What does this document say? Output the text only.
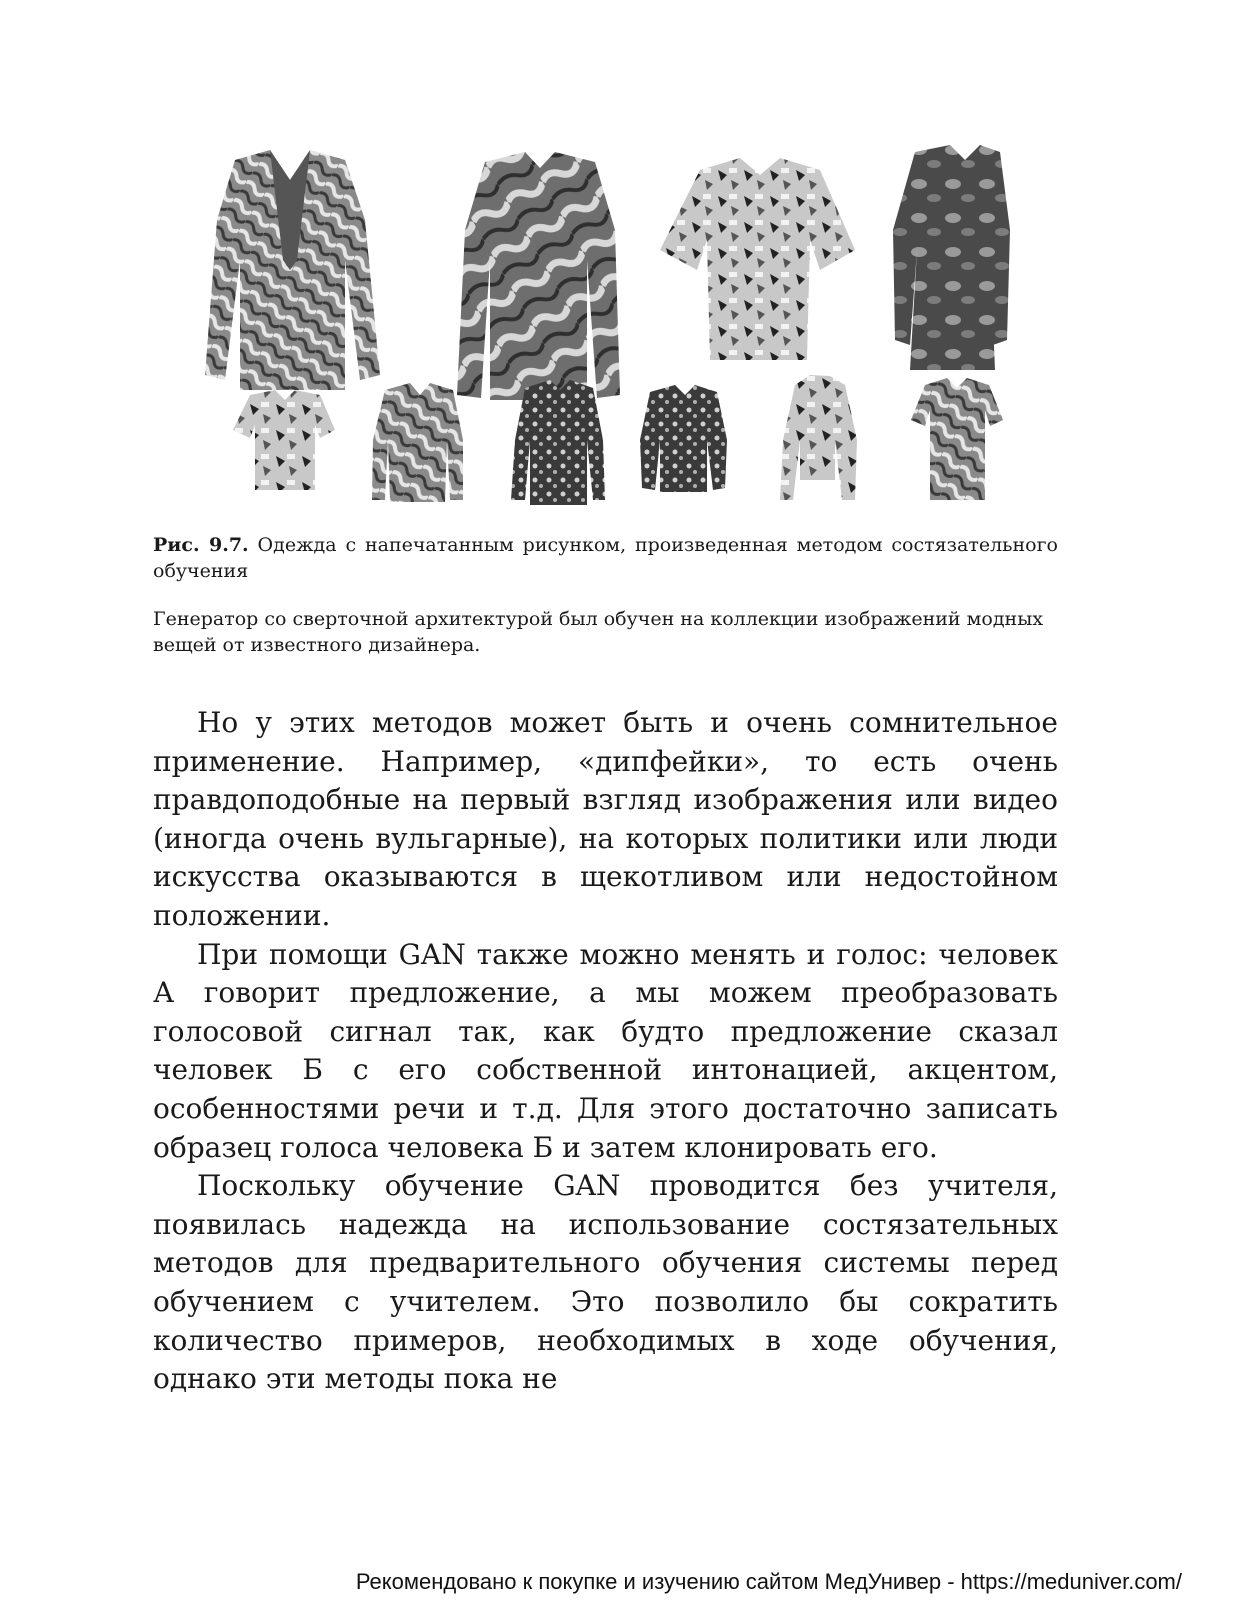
Рис. 9.7. Одежда с напечатанным рисунком, произведенная методом состязательного обучения
Генератор со сверточной архитектурой был обучен на коллекции изображений модных вещей от известного дизайнера.

Но у этих методов может быть и очень сомнительное применение. Например, «дипфейки», то есть очень правдоподобные на первый взгляд изображения или видео (иногда очень вульгарные), на которых политики или люди искусства оказываются в щекотливом или недостойном положении.

При помощи GAN также можно менять и голос: человек А говорит предложение, а мы можем преобразовать голосовой сигнал так, как будто предложение сказал человек Б с его собственной интонацией, акцентом, особенностями речи и т.д. Для этого достаточно записать образец голоса человека Б и затем клонировать его.

Поскольку обучение GAN проводится без учителя, появилась надежда на использование состязательных методов для предварительного обучения системы перед обучением с учителем. Это позволило бы сократить количество примеров, необходимых в ходе обучения, однако эти методы пока не

Рекомендовано к покупке и изучению сайтом МедУнивер - https://meduniver.com/
